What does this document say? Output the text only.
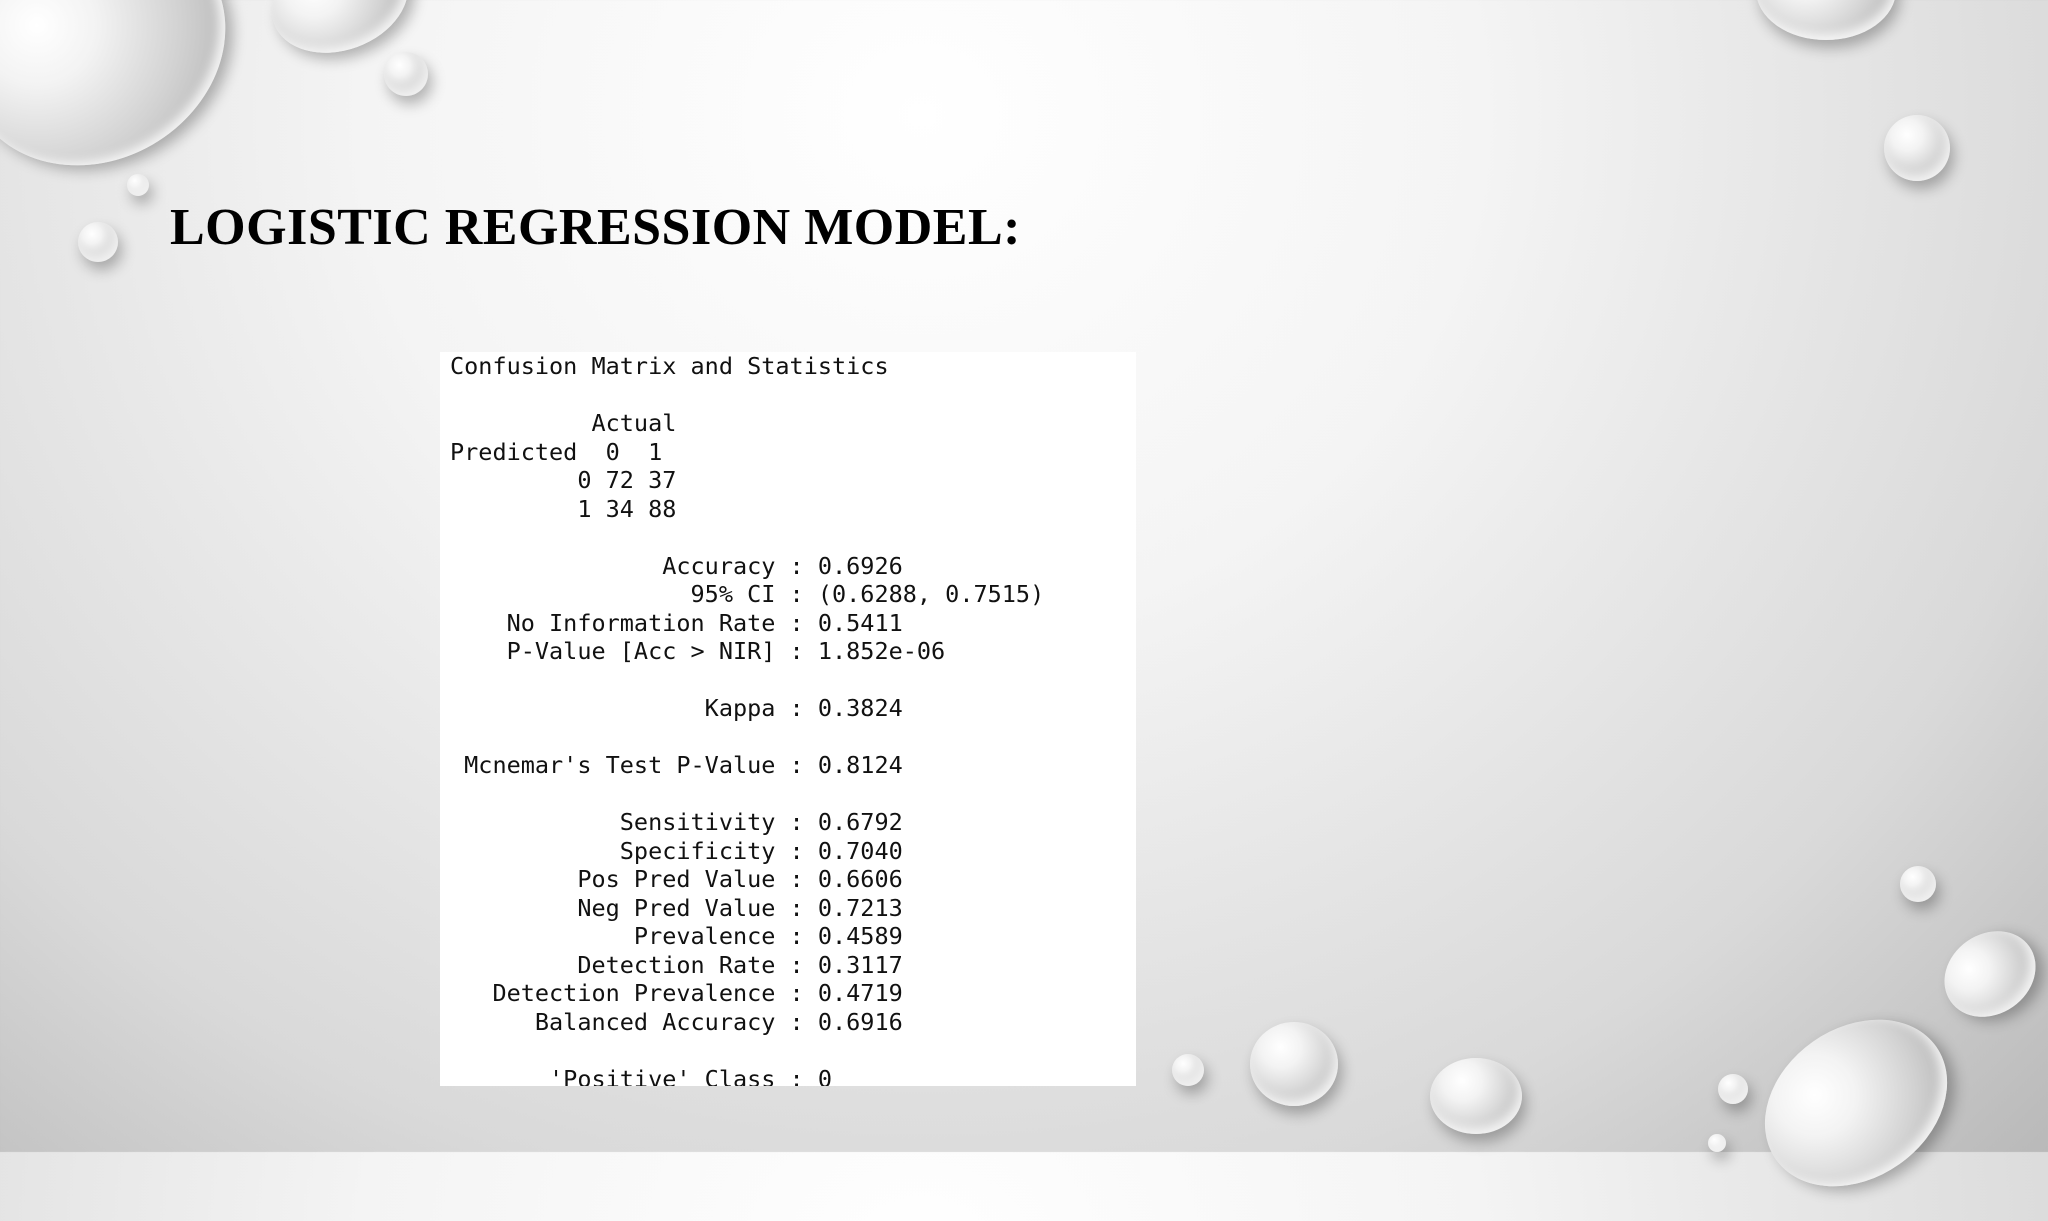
LOGISTIC REGRESSION MODEL:
Confusion Matrix and Statistics
Actual
Predicted  0  1
0 72 37
1 34 88
Accuracy : 0.6926
95% CI : (0.6288, 0.7515)
No Information Rate : 0.5411
P-Value [Acc > NIR] : 1.852e-06
Kappa : 0.3824
Mcnemar's Test P-Value : 0.8124
Sensitivity : 0.6792
Specificity : 0.7040
Pos Pred Value : 0.6606
Neg Pred Value : 0.7213
Prevalence : 0.4589
Detection Rate : 0.3117
Detection Prevalence : 0.4719
Balanced Accuracy : 0.6916
'Positive' Class : 0
